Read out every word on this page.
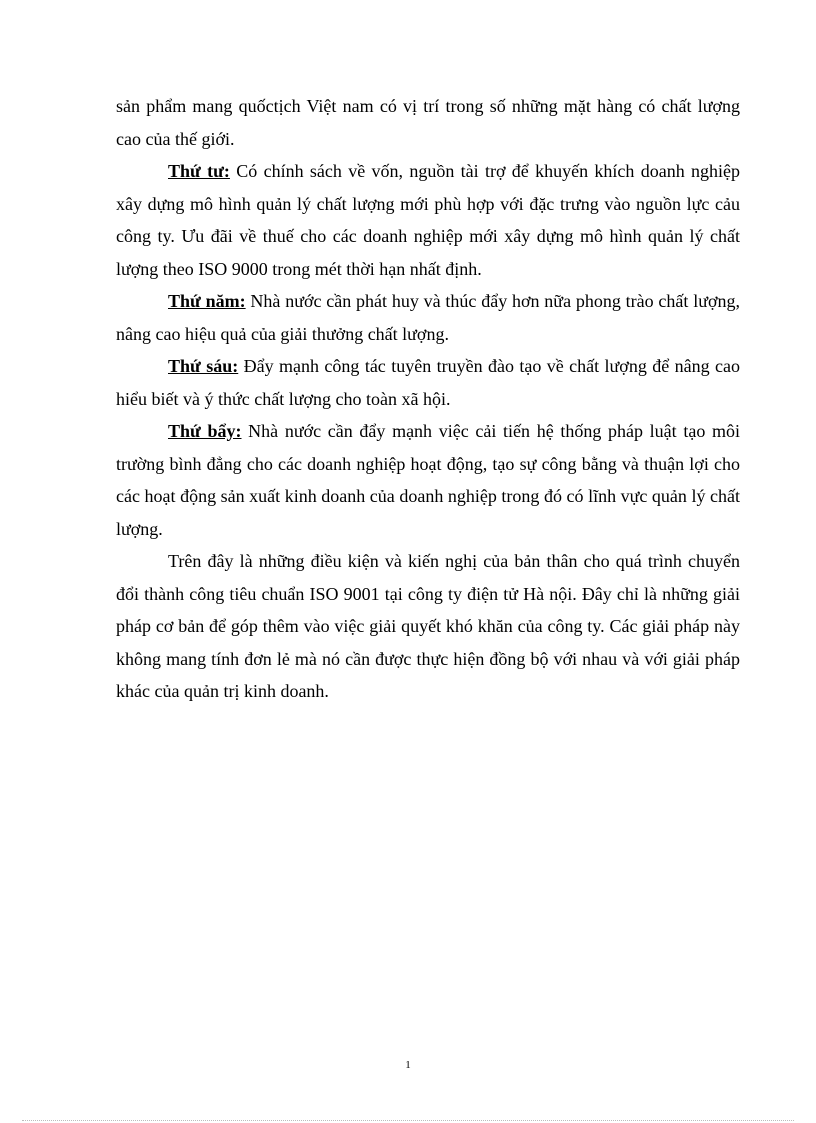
sản phẩm mang quốctịch Việt nam có vị trí trong số những mặt hàng có chất lượng cao của thế giới.

Thứ tư: Có chính sách về vốn, nguồn tài trợ để khuyến khích doanh nghiệp xây dựng mô hình quản lý chất lượng mới phù hợp với đặc trưng vào nguồn lực cảu công ty. Ưu đãi về thuế cho các doanh nghiệp mới xây dựng mô hình quản lý chất lượng theo ISO 9000 trong mét thời hạn nhất định.

Thứ năm: Nhà nước cần phát huy và thúc đẩy hơn nữa phong trào chất lượng, nâng cao hiệu quả của giải thưởng chất lượng.

Thứ sáu: Đẩy mạnh công tác tuyên truyền đào tạo về chất lượng để nâng cao hiểu biết và ý thức chất lượng cho toàn xã hội.

Thứ bẩy: Nhà nước cần đẩy mạnh việc cải tiến hệ thống pháp luật tạo môi trường bình đẳng cho các doanh nghiệp hoạt động, tạo sự công bằng và thuận lợi cho các hoạt động sản xuất kinh doanh của doanh nghiệp trong đó có lĩnh vực quản lý chất lượng.

Trên đây là những điều kiện và kiến nghị của bản thân cho quá trình chuyển đổi thành công tiêu chuẩn ISO 9001 tại công ty điện tử Hà nội. Đây chỉ là những giải pháp cơ bản để góp thêm vào việc giải quyết khó khăn của công ty. Các giải pháp này không mang tính đơn lẻ mà nó cần được thực hiện đồng bộ với nhau và với giải pháp khác của quản trị kinh doanh.

1
